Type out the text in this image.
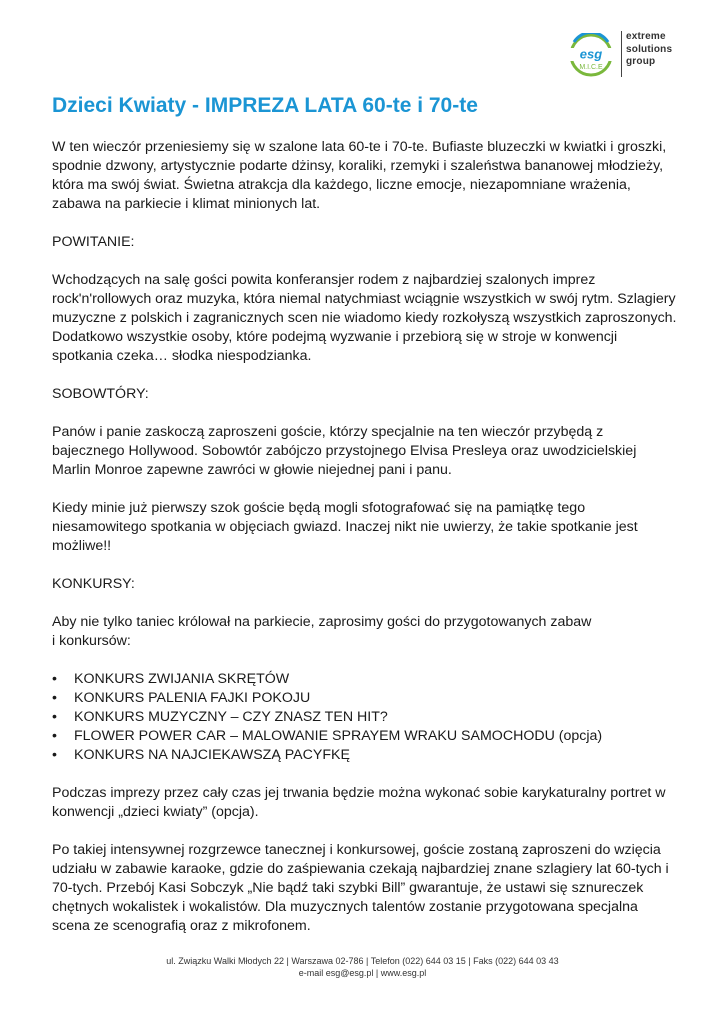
esg
M.I.C.E
extreme
solutions
group
Dzieci Kwiaty - IMPREZA LATA 60-te i 70-te

W ten wieczór przeniesiemy się w szalone lata 60-te i 70-te. Bufiaste bluzeczki w kwiatki i groszki, spodnie dzwony, artystycznie podarte dżinsy, koraliki, rzemyki i szaleństwa bananowej młodzieży, która ma swój świat. Świetna atrakcja dla każdego, liczne emocje, niezapomniane wrażenia, zabawa na parkiecie i klimat minionych lat.

POWITANIE:

Wchodzących na salę gości powita konferansjer rodem z najbardziej szalonych imprez rock'n'rollowych oraz muzyka, która niemal natychmiast wciągnie wszystkich w swój rytm. Szlagiery muzyczne z polskich i zagranicznych scen nie wiadomo kiedy rozkołyszą wszystkich zaproszonych. Dodatkowo wszystkie osoby, które podejmą wyzwanie i przebiorą się w stroje w konwencji spotkania czeka… słodka niespodzianka.

SOBOWTÓRY:

Panów i panie zaskoczą zaproszeni goście, którzy specjalnie na ten wieczór przybędą z bajecznego Hollywood. Sobowtór zabójczo przystojnego Elvisa Presleya oraz uwodzicielskiej Marlin Monroe zapewne zawróci w głowie niejednej pani i panu.

Kiedy minie już pierwszy szok goście będą mogli sfotografować się na pamiątkę tego niesamowitego spotkania w objęciach gwiazd. Inaczej nikt nie uwierzy, że takie spotkanie jest możliwe!!

KONKURSY:

Aby nie tylko taniec królował na parkiecie, zaprosimy gości do przygotowanych zabaw
i konkursów:

• KONKURS ZWIJANIA SKRĘTÓW
• KONKURS PALENIA FAJKI POKOJU
• KONKURS MUZYCZNY – CZY ZNASZ TEN HIT?
• FLOWER POWER CAR – MALOWANIE SPRAYEM WRAKU SAMOCHODU (opcja)
• KONKURS NA NAJCIEKAWSZĄ PACYFKĘ

Podczas imprezy przez cały czas jej trwania będzie można wykonać sobie karykaturalny portret w konwencji „dzieci kwiaty” (opcja).

Po takiej intensywnej rozgrzewce tanecznej i konkursowej, goście zostaną zaproszeni do wzięcia udziału w zabawie karaoke, gdzie do zaśpiewania czekają najbardziej znane szlagiery lat 60-tych i 70-tych. Przebój Kasi Sobczyk „Nie bądź taki szybki Bill” gwarantuje, że ustawi się sznureczek chętnych wokalistek i wokalistów. Dla muzycznych talentów zostanie przygotowana specjalna scena ze scenografią oraz z mikrofonem.

ul. Związku Walki Młodych 22 | Warszawa 02-786 | Telefon (022) 644 03 15 | Faks (022) 644 03 43
e-mail esg@esg.pl | www.esg.pl
